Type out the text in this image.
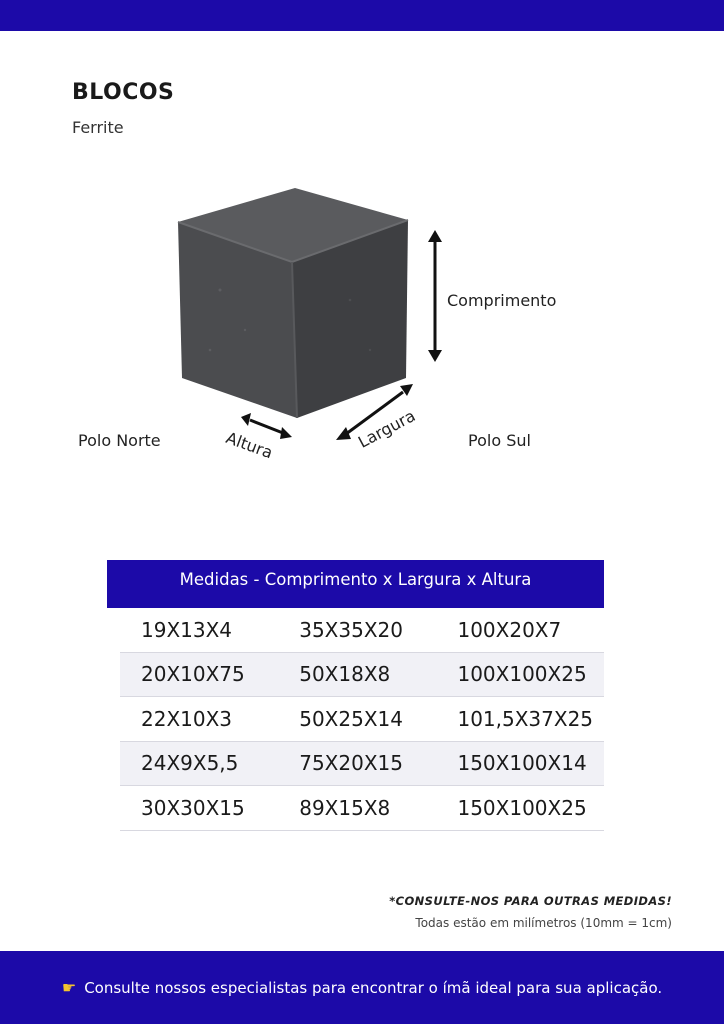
BLOCOS
Ferrite
Comprimento
Altura	Largura
Polo Norte	Polo Sul
Medidas - Comprimento x Largura x Altura
19X13X4	35X35X20	100X20X7
20X10X75	50X18X8	100X100X25
22X10X3	50X25X14	101,5X37X25
24X9X5,5	75X20X15	150X100X14
30X30X15	89X15X8	150X100X25
*CONSULTE-NOS PARA OUTRAS MEDIDAS!
Todas estão em milímetros (10mm = 1cm)
☛ Consulte nossos especialistas para encontrar o ímã ideal para sua aplicação.
